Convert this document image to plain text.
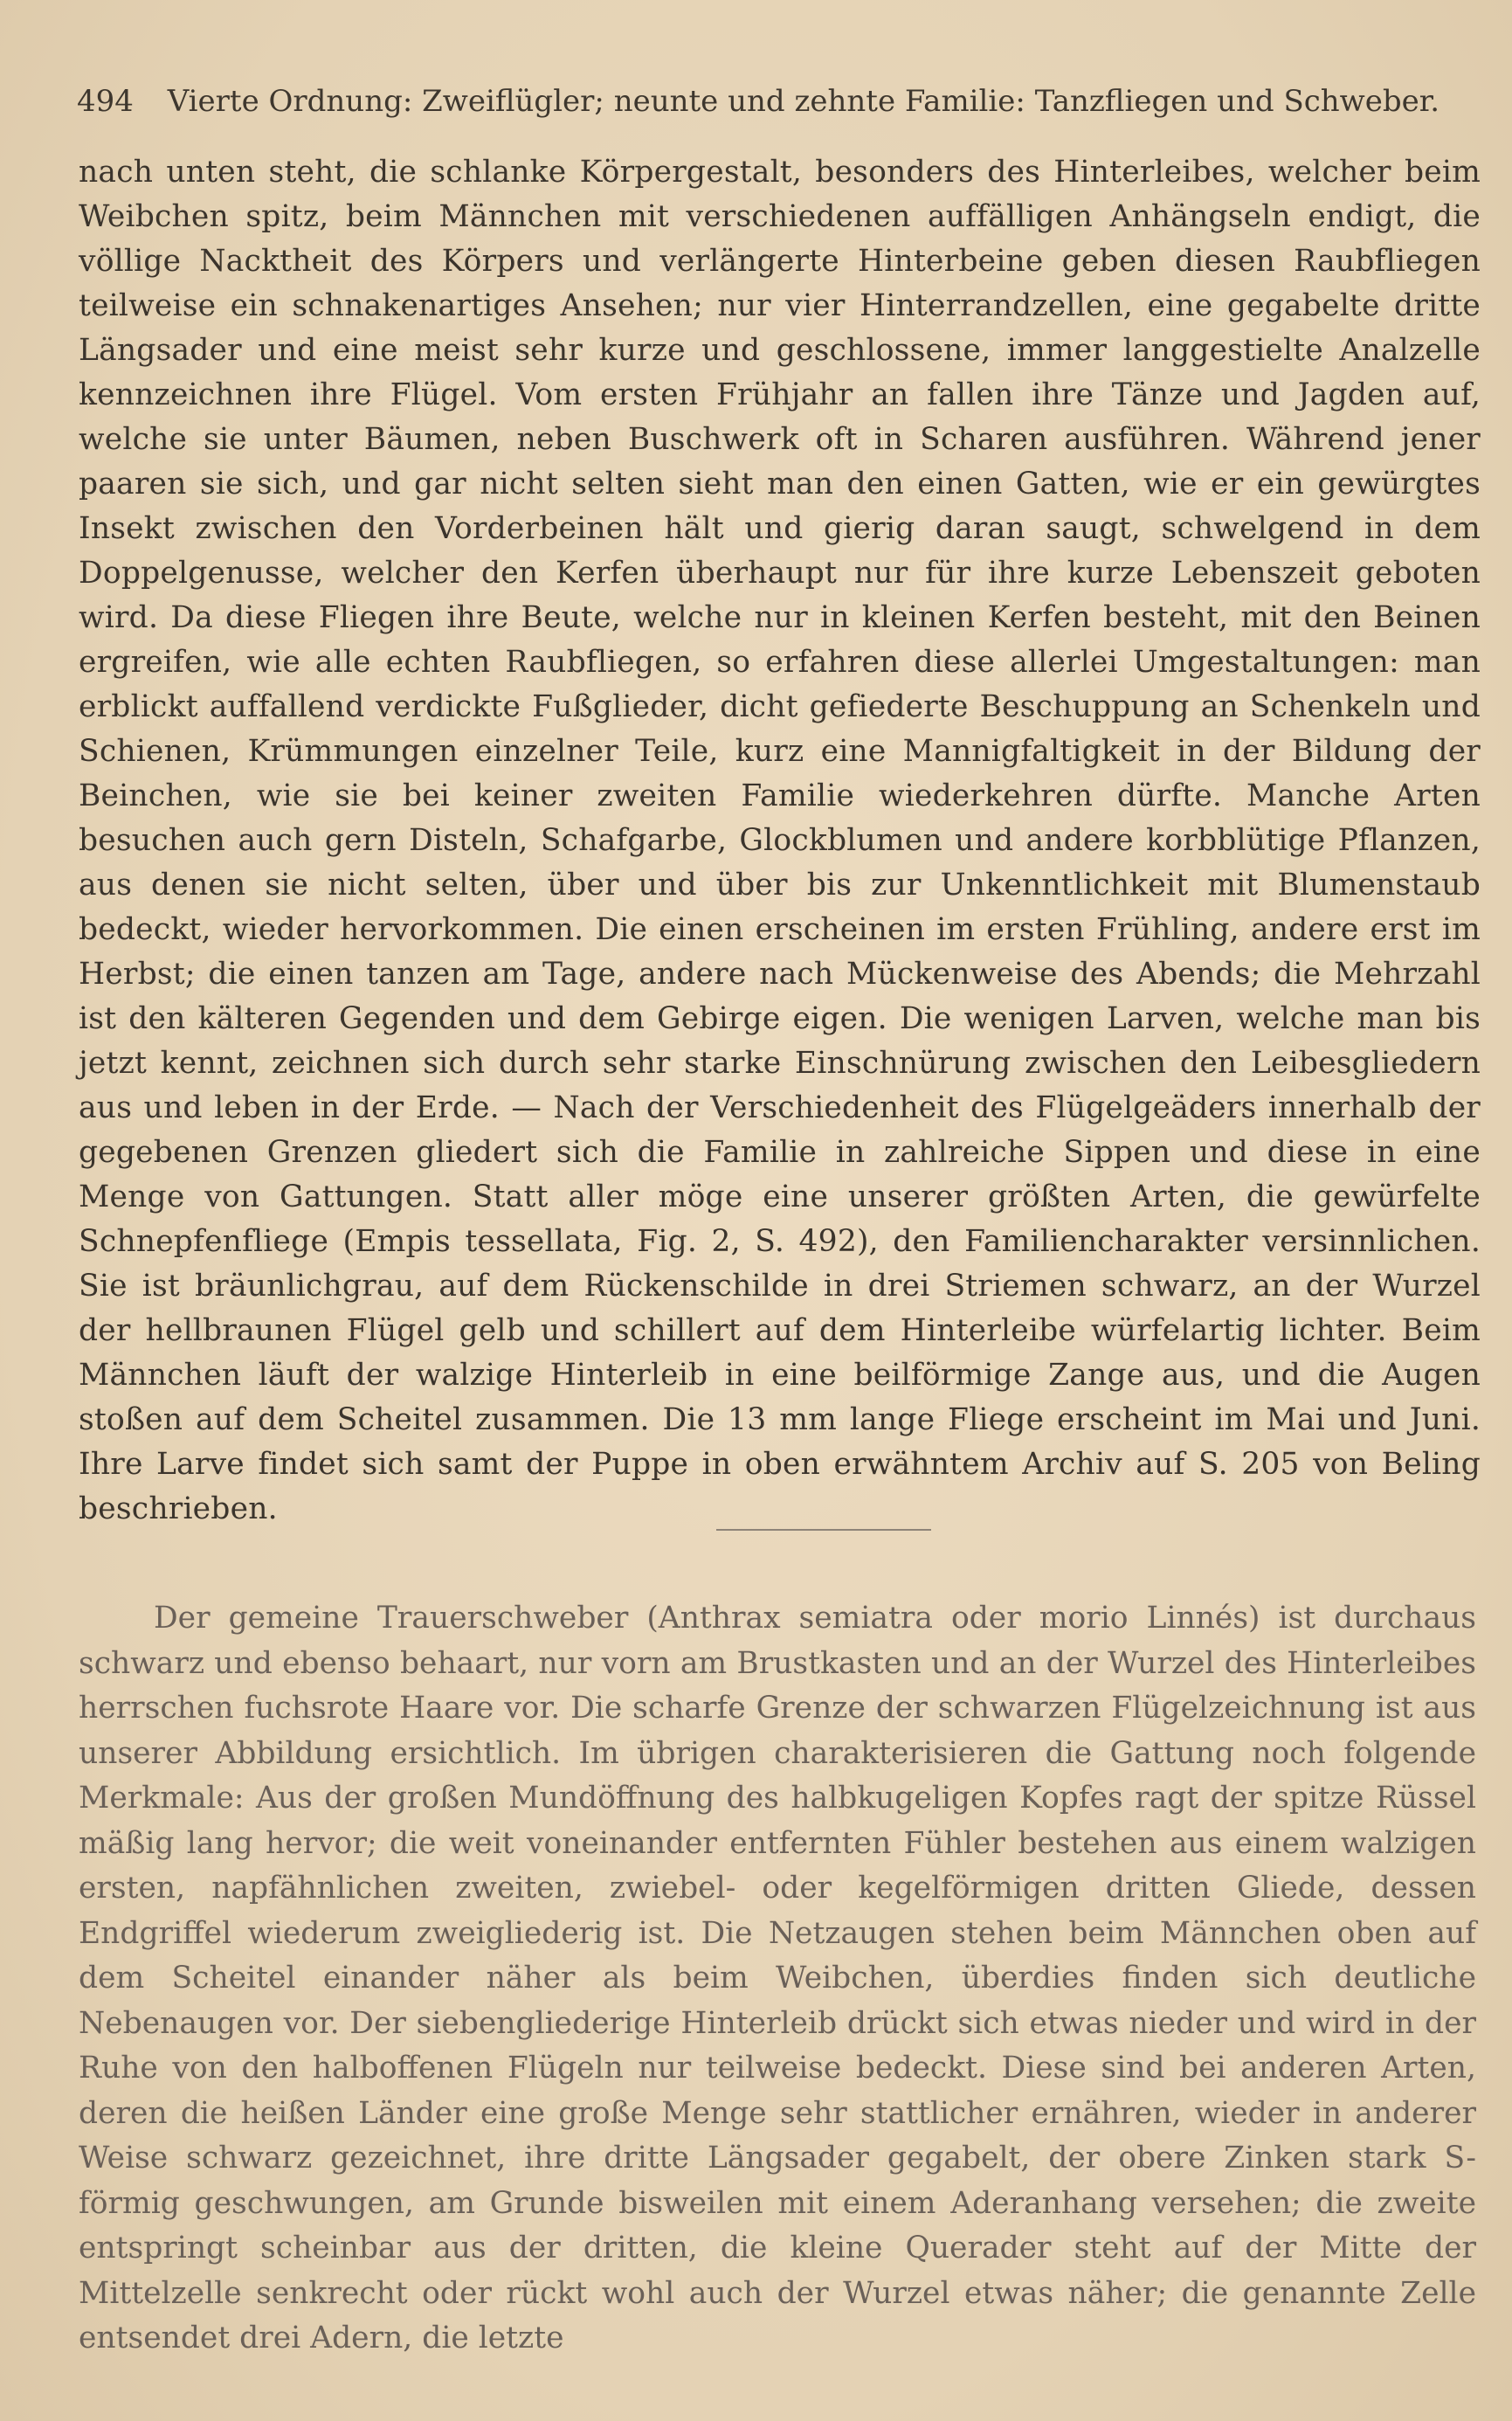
494 Vierte Ordnung: Zweiflügler; neunte und zehnte Familie: Tanzfliegen und Schweber.

nach unten steht, die schlanke Körpergestalt, besonders des Hinterleibes, welcher beim Weibchen spitz, beim Männchen mit verschiedenen auffälligen Anhängseln endigt, die völlige Nacktheit des Körpers und verlängerte Hinterbeine geben diesen Raubfliegen teilweise ein schnakenartiges Ansehen; nur vier Hinterrandzellen, eine gegabelte dritte Längsader und eine meist sehr kurze und geschlossene, immer langgestielte Analzelle kennzeichnen ihre Flügel. Vom ersten Frühjahr an fallen ihre Tänze und Jagden auf, welche sie unter Bäumen, neben Buschwerk oft in Scharen ausführen. Während jener paaren sie sich, und gar nicht selten sieht man den einen Gatten, wie er ein gewürgtes Insekt zwischen den Vorderbeinen hält und gierig daran saugt, schwelgend in dem Doppelgenusse, welcher den Kerfen überhaupt nur für ihre kurze Lebenszeit geboten wird. Da diese Fliegen ihre Beute, welche nur in kleinen Kerfen besteht, mit den Beinen ergreifen, wie alle echten Raubfliegen, so erfahren diese allerlei Umgestaltungen: man erblickt auffallend verdickte Fußglieder, dicht gefiederte Beschuppung an Schenkeln und Schienen, Krümmungen einzelner Teile, kurz eine Mannigfaltigkeit in der Bildung der Beinchen, wie sie bei keiner zweiten Familie wiederkehren dürfte. Manche Arten besuchen auch gern Disteln, Schafgarbe, Glockblumen und andere korbblütige Pflanzen, aus denen sie nicht selten, über und über bis zur Unkenntlichkeit mit Blumenstaub bedeckt, wieder hervorkommen. Die einen erscheinen im ersten Frühling, andere erst im Herbst; die einen tanzen am Tage, andere nach Mückenweise des Abends; die Mehrzahl ist den kälteren Gegenden und dem Gebirge eigen. Die wenigen Larven, welche man bis jetzt kennt, zeichnen sich durch sehr starke Einschnürung zwischen den Leibesgliedern aus und leben in der Erde. — Nach der Verschiedenheit des Flügelgeäders innerhalb der gegebenen Grenzen gliedert sich die Familie in zahlreiche Sippen und diese in eine Menge von Gattungen. Statt aller möge eine unserer größten Arten, die gewürfelte Schnepfenfliege (Empis tessellata, Fig. 2, S. 492), den Familiencharakter versinnlichen. Sie ist bräunlichgrau, auf dem Rückenschilde in drei Striemen schwarz, an der Wurzel der hellbraunen Flügel gelb und schillert auf dem Hinterleibe würfelartig lichter. Beim Männchen läuft der walzige Hinterleib in eine beilförmige Zange aus, und die Augen stoßen auf dem Scheitel zusammen. Die 13 mm lange Fliege erscheint im Mai und Juni. Ihre Larve findet sich samt der Puppe in oben erwähntem Archiv auf S. 205 von Beling beschrieben.

Der gemeine Trauerschweber (Anthrax semiatra oder morio Linnés) ist durchaus schwarz und ebenso behaart, nur vorn am Brustkasten und an der Wurzel des Hinterleibes herrschen fuchsrote Haare vor. Die scharfe Grenze der schwarzen Flügelzeichnung ist aus unserer Abbildung ersichtlich. Im übrigen charakterisieren die Gattung noch folgende Merkmale: Aus der großen Mundöffnung des halbkugeligen Kopfes ragt der spitze Rüssel mäßig lang hervor; die weit voneinander entfernten Fühler bestehen aus einem walzigen ersten, napfähnlichen zweiten, zwiebel- oder kegelförmigen dritten Gliede, dessen Endgriffel wiederum zweigliederig ist. Die Netzaugen stehen beim Männchen oben auf dem Scheitel einander näher als beim Weibchen, überdies finden sich deutliche Nebenaugen vor. Der siebengliederige Hinterleib drückt sich etwas nieder und wird in der Ruhe von den halboffenen Flügeln nur teilweise bedeckt. Diese sind bei anderen Arten, deren die heißen Länder eine große Menge sehr stattlicher ernähren, wieder in anderer Weise schwarz gezeichnet, ihre dritte Längsader gegabelt, der obere Zinken stark S-förmig geschwungen, am Grunde bisweilen mit einem Aderanhang versehen; die zweite entspringt scheinbar aus der dritten, die kleine Querader steht auf der Mitte der Mittelzelle senkrecht oder rückt wohl auch der Wurzel etwas näher; die genannte Zelle entsendet drei Adern, die letzte
